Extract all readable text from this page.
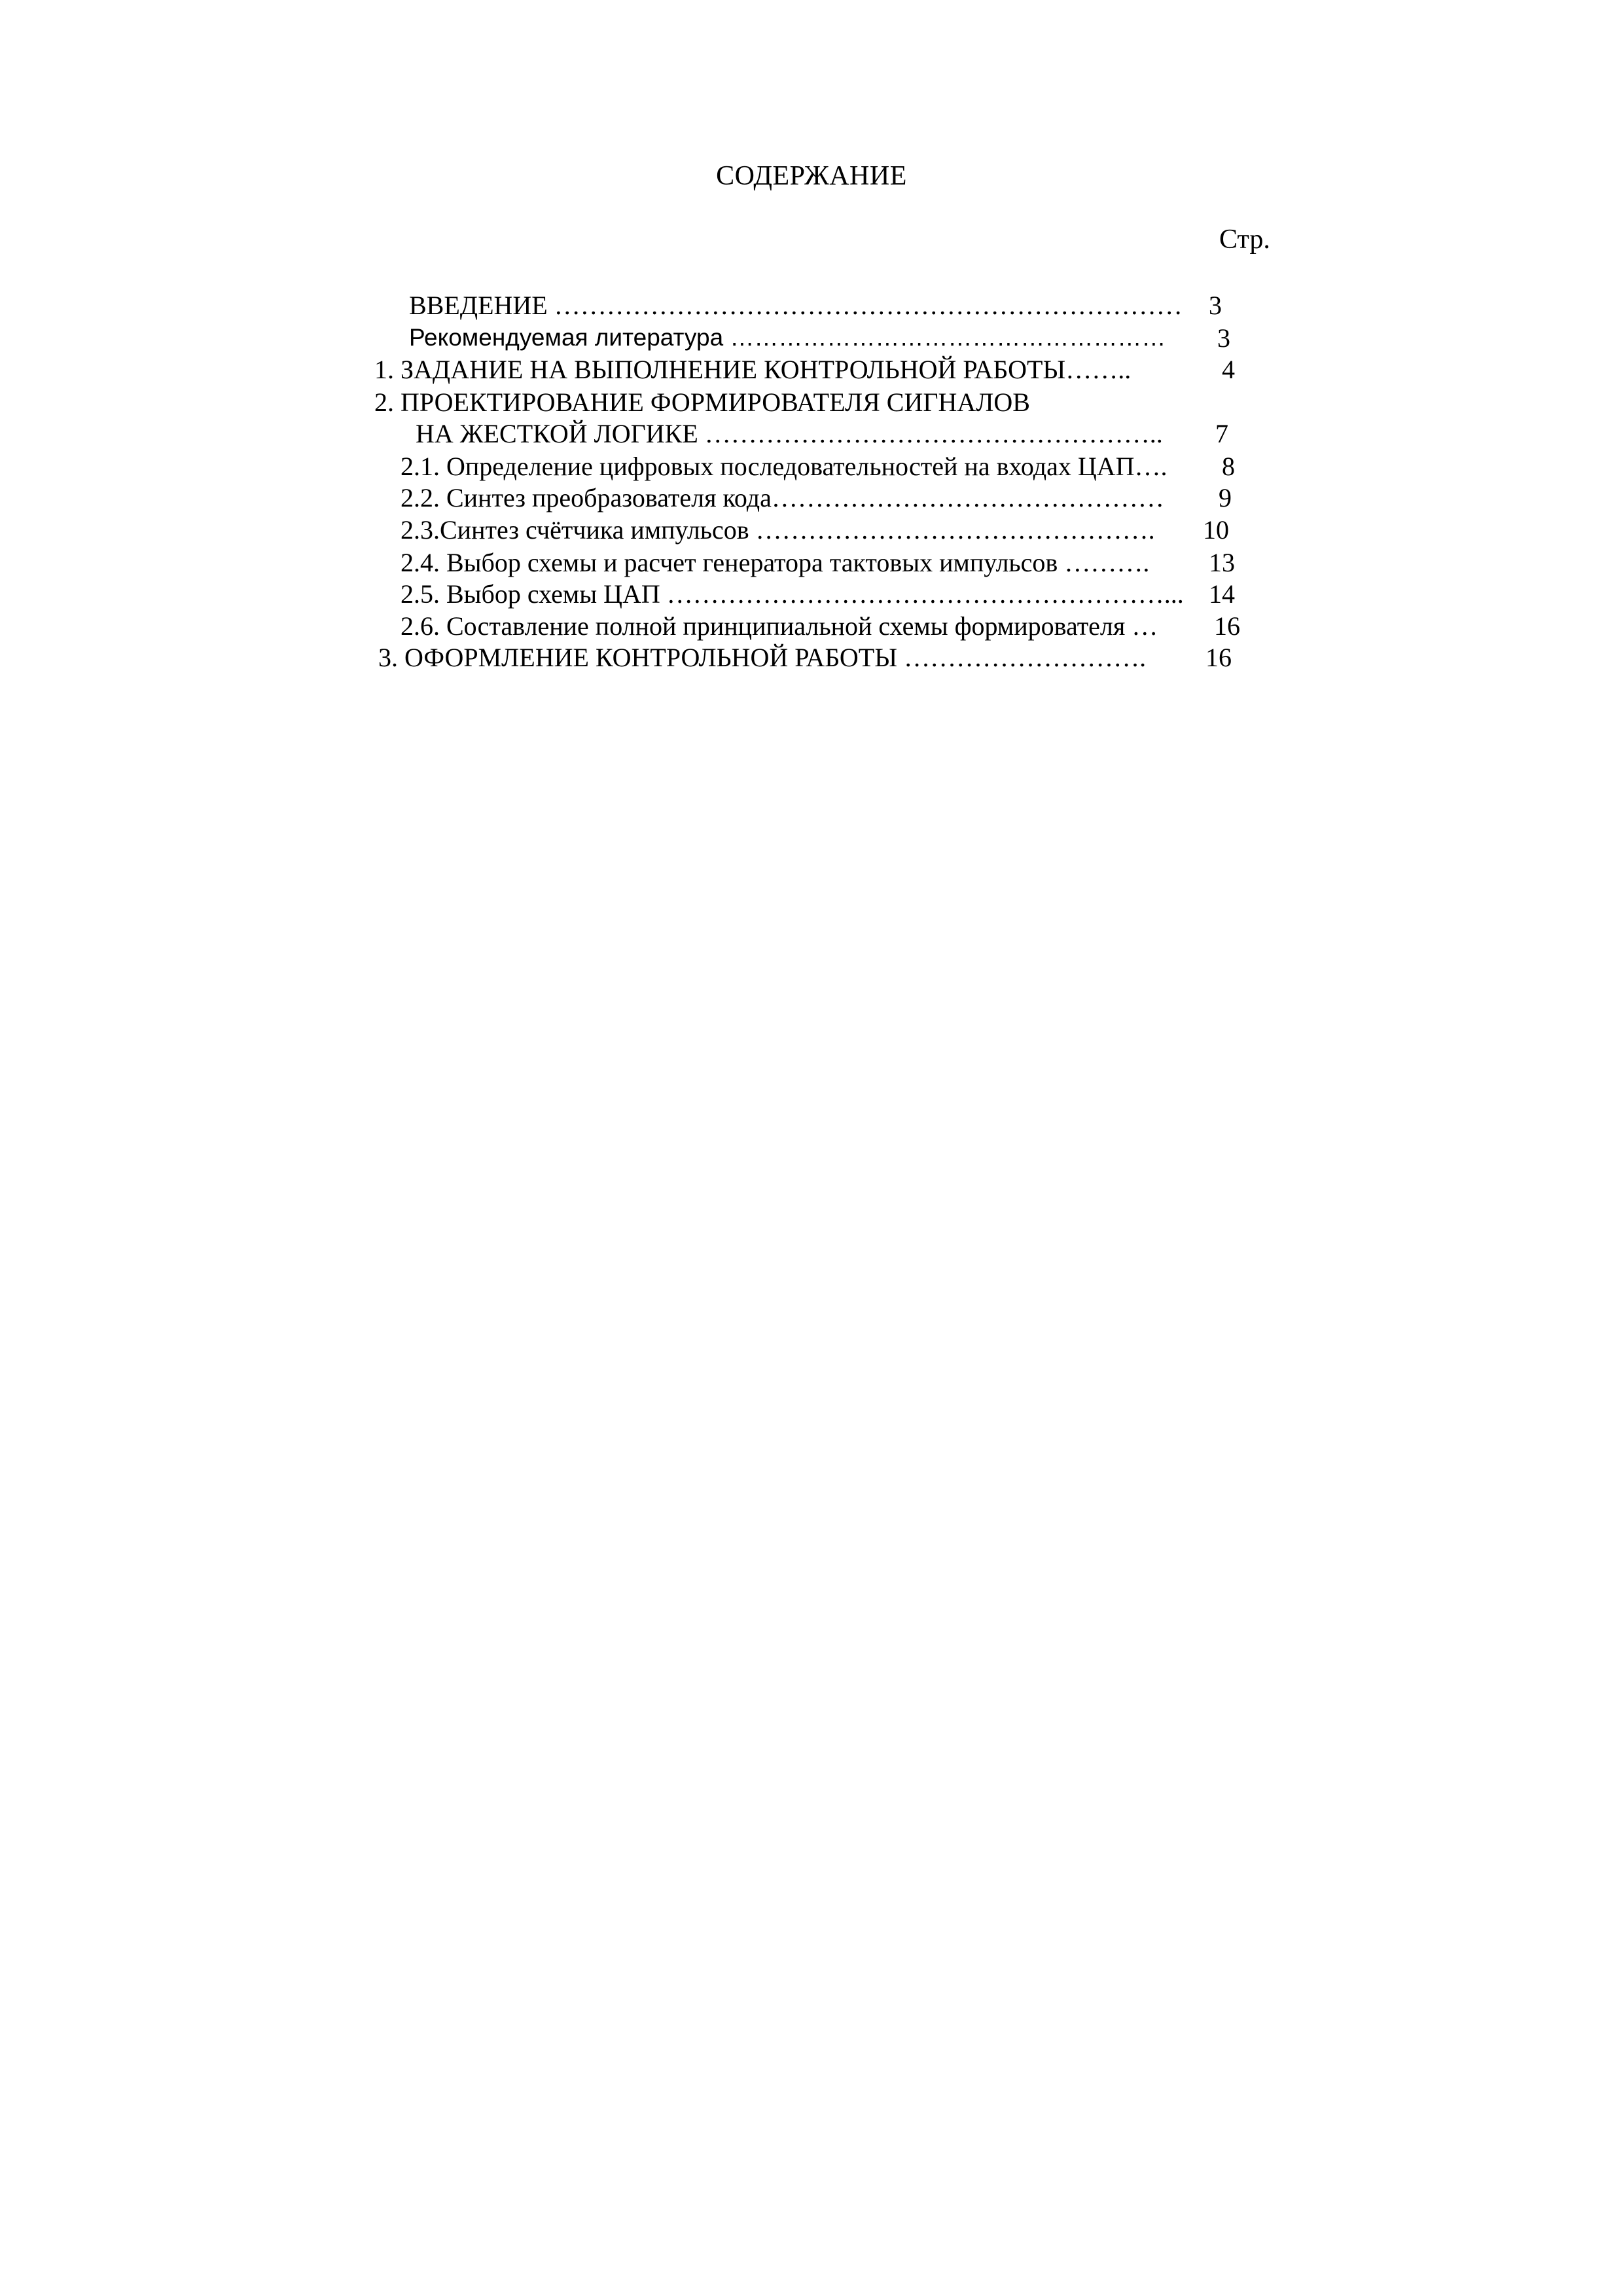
СОДЕРЖАНИЕ
Стр.
ВВЕДЕНИЕ ……………………………………………………………… 3
Рекомендуемая литература ……………………………………………… 3
1. ЗАДАНИЕ НА ВЫПОЛНЕНИЕ КОНТРОЛЬНОЙ РАБОТЫ……..	4
2. ПРОЕКТИРОВАНИЕ ФОРМИРОВАТЕЛЯ СИГНАЛОВ
НА ЖЕСТКОЙ ЛОГИКЕ …………………………………………….. 7
2.1. Определение цифровых последовательностей на входах ЦАП…. 8
2.2. Синтез преобразователя кода……………………………………… 9
2.3.Синтез счётчика импульсов ………………………………………. 10
2.4. Выбор схемы и расчет генератора тактовых импульсов ………. 13
2.5. Выбор схемы ЦАП …………………………………………………... 14
2.6. Составление полной принципиальной схемы формирователя … 16
3. ОФОРМЛЕНИЕ КОНТРОЛЬНОЙ РАБОТЫ ………………………. 16
